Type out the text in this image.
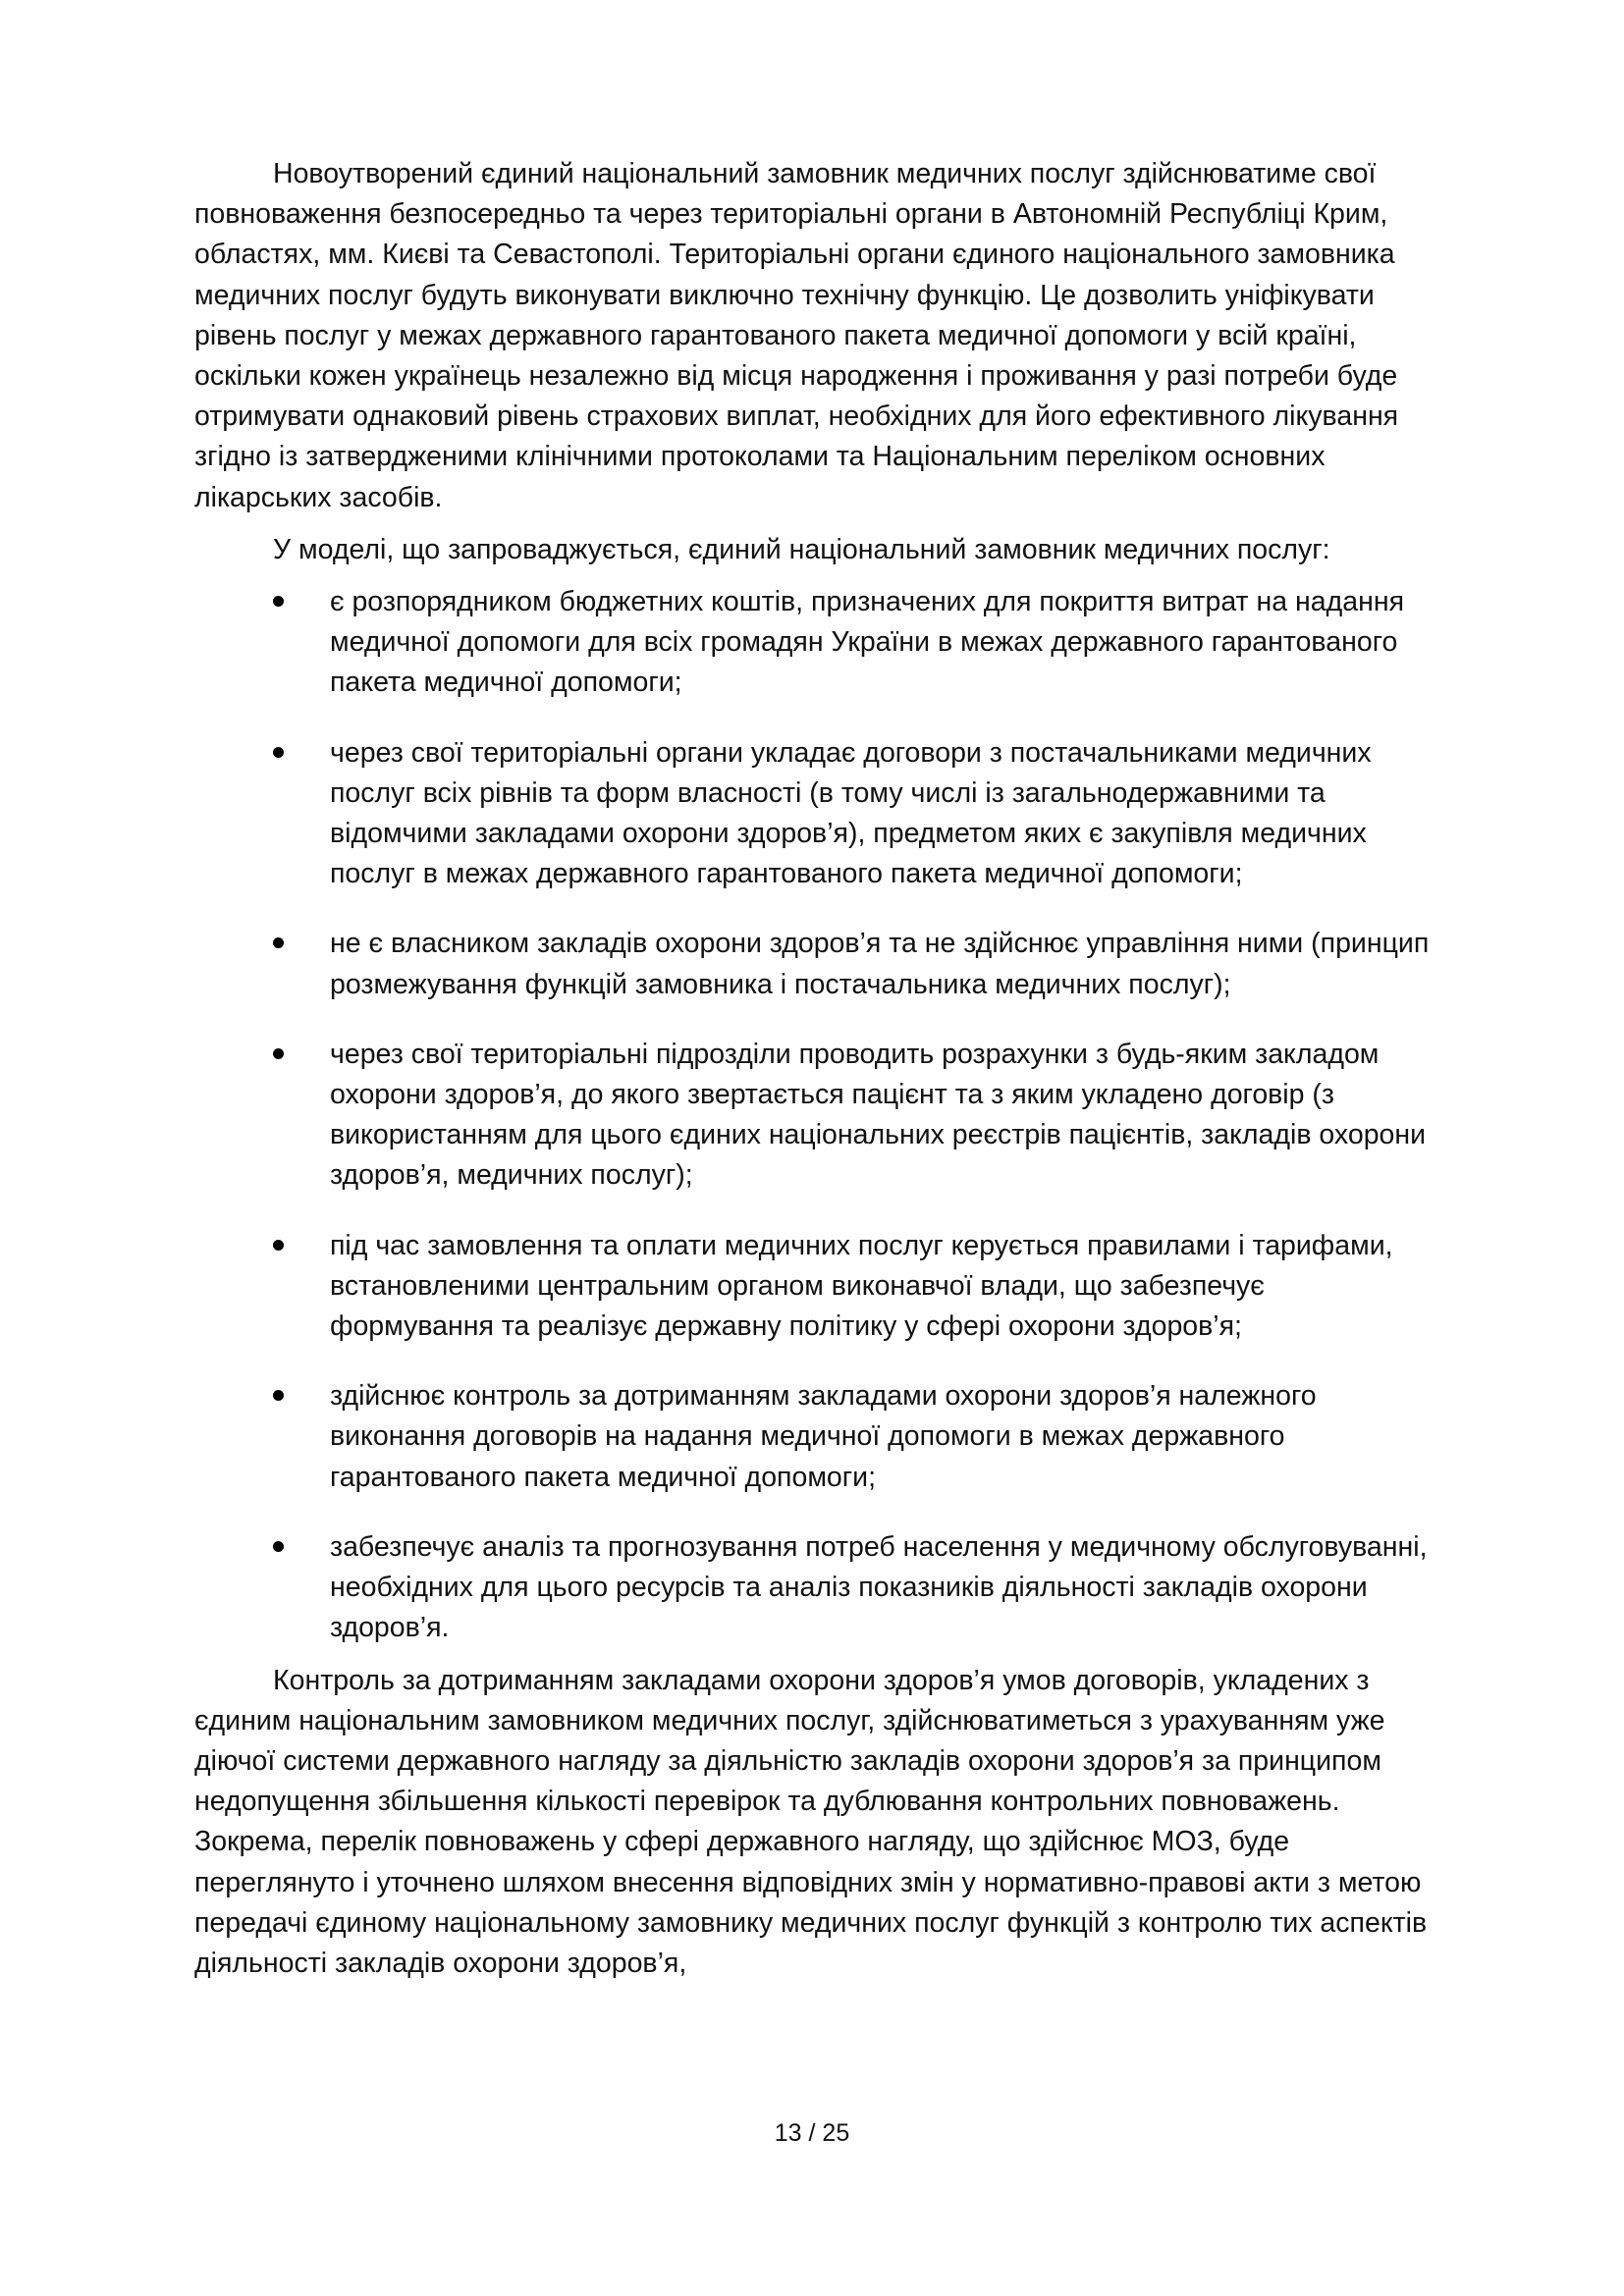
Новоутворений єдиний національний замовник медичних послуг здійснюватиме свої повноваження безпосередньо та через територіальні органи в Автономній Республіці Крим, областях, мм. Києві та Севастополі. Територіальні органи єдиного національного замовника медичних послуг будуть виконувати виключно технічну функцію. Це дозволить уніфікувати рівень послуг у межах державного гарантованого пакета медичної допомоги у всій країні, оскільки кожен українець незалежно від місця народження і проживання у разі потреби буде отримувати однаковий рівень страхових виплат, необхідних для його ефективного лікування згідно із затвердженими клінічними протоколами та Національним переліком основних лікарських засобів.

У моделі, що запроваджується, єдиний національний замовник медичних послуг:

є розпорядником бюджетних коштів, призначених для покриття витрат на надання медичної допомоги для всіх громадян України в межах державного гарантованого пакета медичної допомоги;
через свої територіальні органи укладає договори з постачальниками медичних послуг всіх рівнів та форм власності (в тому числі із загальнодержавними та відомчими закладами охорони здоров’я), предметом яких є закупівля медичних послуг в межах державного гарантованого пакета медичної допомоги;
не є власником закладів охорони здоров’я та не здійснює управління ними (принцип розмежування функцій замовника і постачальника медичних послуг);
через свої територіальні підрозділи проводить розрахунки з будь-яким закладом охорони здоров’я, до якого звертається пацієнт та з яким укладено договір (з використанням для цього єдиних національних реєстрів пацієнтів, закладів охорони здоров’я, медичних послуг);
під час замовлення та оплати медичних послуг керується правилами і тарифами, встановленими центральним органом виконавчої влади, що забезпечує формування та реалізує державну політику у сфері охорони здоров’я;
здійснює контроль за дотриманням закладами охорони здоров’я належного виконання договорів на надання медичної допомоги в межах державного гарантованого пакета медичної допомоги;
забезпечує аналіз та прогнозування потреб населення у медичному обслуговуванні, необхідних для цього ресурсів та аналіз показників діяльності закладів охорони здоров’я.

Контроль за дотриманням закладами охорони здоров’я умов договорів, укладених з єдиним національним замовником медичних послуг, здійснюватиметься з урахуванням уже діючої системи державного нагляду за діяльністю закладів охорони здоров’я за принципом недопущення збільшення кількості перевірок та дублювання контрольних повноважень. Зокрема, перелік повноважень у сфері державного нагляду, що здійснює МОЗ, буде переглянуто і уточнено шляхом внесення відповідних змін у нормативно-правові акти з метою передачі єдиному національному замовнику медичних послуг функцій з контролю тих аспектів діяльності закладів охорони здоров’я,

13 / 25
